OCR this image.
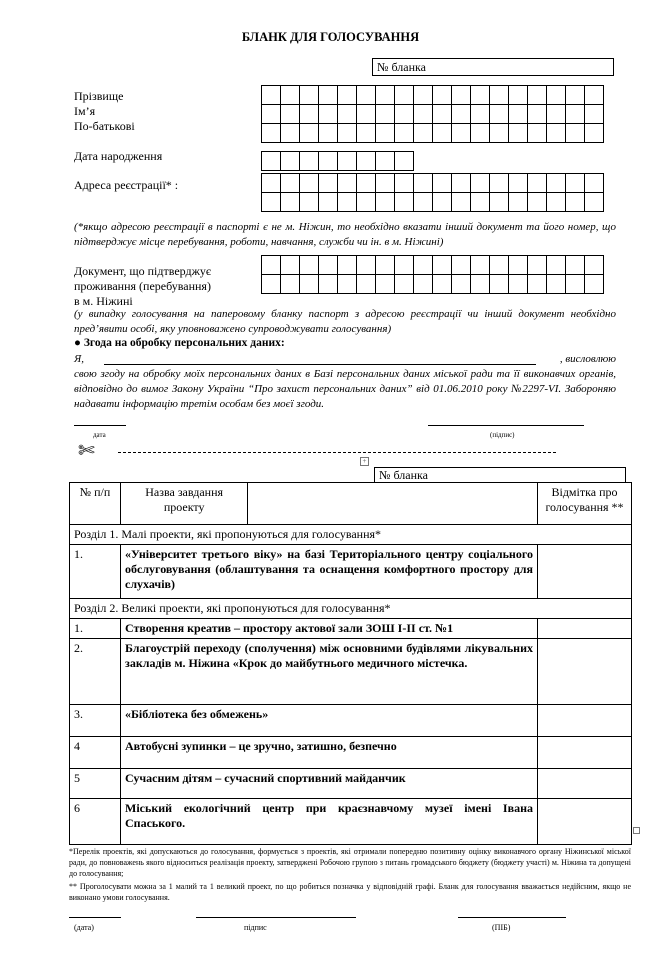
БЛАНК ДЛЯ ГОЛОСУВАННЯ
№ бланка
Прізвище
Ім’я
По-батькові
Дата народження
Адреса реєстрації* :
(*якщо адресою реєстрації в паспорті є не м. Ніжин, то необхідно вказати інший документ та його номер, що підтверджує місце перебування, роботи, навчання, служби чи ін. в м. Ніжині)
Документ, що підтверджує
проживання (перебування)
в м. Ніжині
(у випадку голосування на паперовому бланку паспорт з адресою реєстрації чи інший документ необхідно пред’явити особі, яку уповноважено супроводжувати голосування)
● Згода на обробку персональних даних:
Я,	, висловлюю
свою згоду на обробку моїх персональних даних в Базі персональних даних міської ради та її виконавчих органів, відповідно до вимог Закону України “Про захист персональних даних” від 01.06.2010 року №2297-VI. Забороняю надавати інформацію третім особам без моєї згоди.
дата	(підпис)
✄	+
№ бланка
№ п/п	Назва завдання проекту		Відмітка про голосування **
Розділ 1. Малі проекти, які пропонуються для голосування*			
1.	«Університет третього віку» на базі Територіального центру соціального обслуговування (облаштування та оснащення комфортного простору для слухачів)		
Розділ 2. Великі проекти, які пропонуються для голосування*			
1.	Створення креатив – простору актової зали ЗОШ І-ІІ ст. №1		
2.	Благоустрій переходу (сполучення) між основними будівлями лікувальних закладів м. Ніжина «Крок до майбутнього медичного містечка.		
3.	«Бібліотека без обмежень»		
4	Автобусні зупинки – це зручно, затишно, безпечно		
5	Сучасним дітям – сучасний спортивний майданчик		
6	Міський екологічний центр при краєзнавчому музеї імені Івана Спаського.		
*Перелік проектів, які допускаються до голосування, формується з проектів, які отримали попередню позитивну оцінку виконавчого органу Ніжинської міської ради, до повноважень якого відноситься реалізація проекту, затверджені Робочою групою з питань громадського бюджету (бюджету участі) м. Ніжина та допущені до голосування;
** Проголосувати можна за 1 малий та 1 великий проект, по що робиться позначка у відповідній графі. Бланк для голосування вважається недійсним, якщо не виконано умови голосування.
(дата)	підпис	(ПІБ)
